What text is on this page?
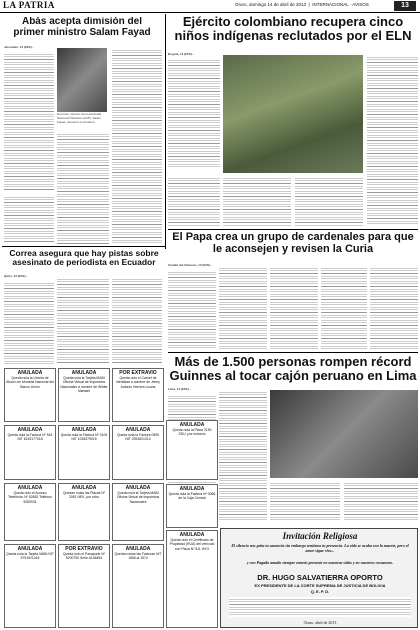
LA PATRIA	Oruro, domingo 14 de abril de 2013  |  INTERNACIONAL · AVISOS	13
Abás acepta dimisión del primer ministro Salam Fayad
Jerusalén, 13 (EFE).-
El primer ministro de la Autoridad Nacional Palestina (ANP), Salam Fayad, presentó su dimisión.
Ejército colombiano recupera cinco niños indígenas reclutados por el ELN
Bogotá, 13 (EFE).-
Correa asegura que hay pistas sobre asesinato de periodista en Ecuador
Quito, 13 (EFE).-
El Papa crea un grupo de cardenales para que le aconsejen y revisen la Curia
Ciudad del Vaticano, 13 (EFE).-
Más de 1.500 personas rompen récord Guinnes al tocar cajón peruano en Lima
Lima, 13 (EFE).-
ANULADA
Queda nula la Libreta de Ahorro en Moneda Nacional del Banco Unión
ANULADA
Queda nula la Tarjeta MABI Oficina Virtual de Impuestos Nacionales a nombre de Wilder Mamani
POR EXTRAVIO
Queda nulo el Carnet de Identidad a nombre de Jenny Antonio Herrera Licona
ANULADA
Queda nula la Factura Nº 544 NIT 6215177018
ANULADA
Queda nula la Factura Nº 0100 NIT 1028379016
ANULADA
Queda nula la Factura 0595 NIT 2924521014
ANULADA
Queda nula la Placa 2150 SDU, por extravío
ANULADA
Queda nulo el Acceso Telefónico Nº 52653 Teléfono 5280931
ANULADA
Quedan nulas las Placas Nº 2081 NEK, por robo
ANULADA
Queda nula la Tarjeta MABI Oficina Virtual de Impuestos Nacionales
ANULADA
Queda nula la Factura Nº 0066 de la Caja Central
ANULADA
Queda nula la Tarjeta MABI NIT 5791521016
POR EXTRAVIO
Queda nulo el Pasaporte Nº 5200790 Serie A146454
ANULADA
Quedan nulas las Facturas NIT 1566 al 1574
ANULADA
Queda nulo el Certificado de Propiedad (RUA) del vehículo con Placa Nº 811 HXG
Invitación Religiosa
El silencio nos grita tu ausencia sin embargo sentimos tu presencia. La vida se acaba con la muerte, pero el amor sigue vivo...
y con Pagado amado siempre estarás presente en nuestras vidas y en nuestros corazones.
DR. HUGO SALVATIERRA OPORTO
EX PRESIDENTE DE LA CORTE SUPREMA DE JUSTICIA DE BOLIVIA
Q. E. P. D.
Oruro, abril de 2013
